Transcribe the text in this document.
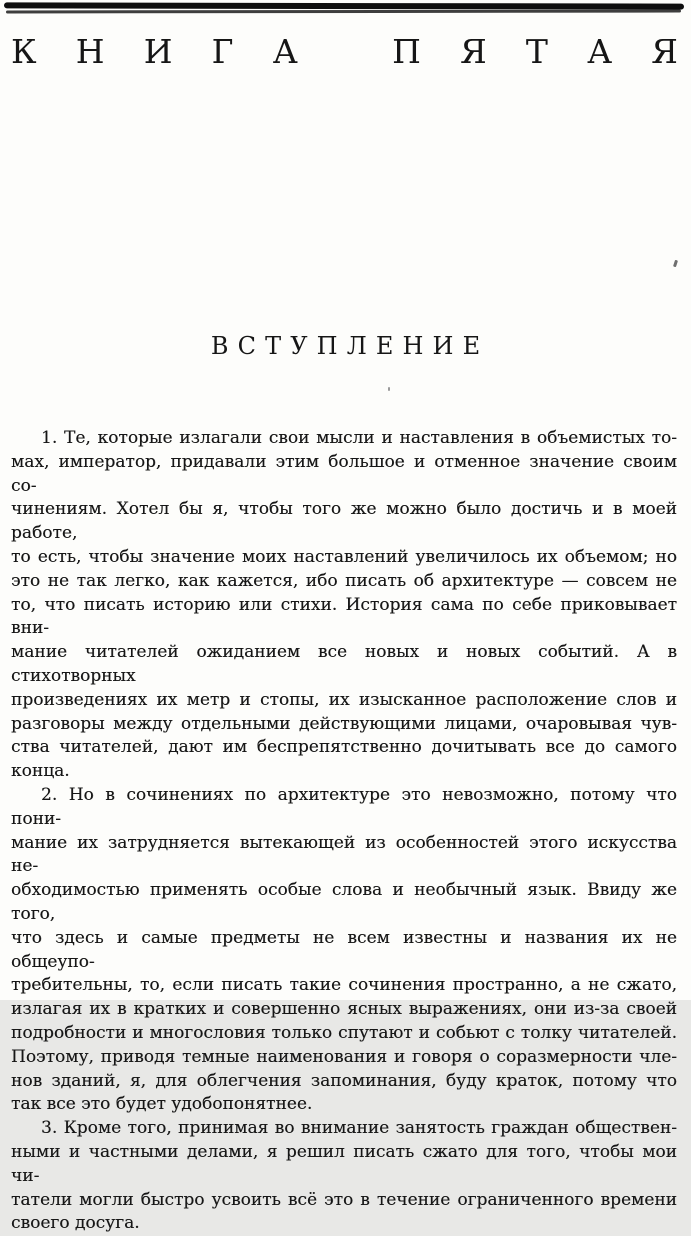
К Н И Г А
	П Я Т А Я
ВСТУПЛЕНИЕ
1. Те, которые излагали свои мысли и наставления в объемистых то-
мах, император, придавали этим большое и отменное значение своим со-
чинениям. Хотел бы я, чтобы того же можно было достичь и в моей работе,
то есть, чтобы значение моих наставлений увеличилось их объемом; но
это не так легко, как кажется, ибо писать об архитектуре — совсем не
то, что писать историю или стихи. История сама по себе приковывает вни-
мание читателей ожиданием все новых и новых событий. А в стихотворных
произведениях их метр и стопы, их изысканное расположение слов и
разговоры между отдельными действующими лицами, очаровывая чув-
ства читателей, дают им беспрепятственно дочитывать все до самого конца.
2. Но в сочинениях по архитектуре это невозможно, потому что пони-
мание их затрудняется вытекающей из особенностей этого искусства не-
обходимостью применять особые слова и необычный язык. Ввиду же того,
что здесь и самые предметы не всем известны и названия их не общеупо-
требительны, то, если писать такие сочинения пространно, а не сжато,
излагая их в кратких и совершенно ясных выражениях, они из-за своей
подробности и многословия только спутают и собьют с толку читателей.
Поэтому, приводя темные наименования и говоря о соразмерности чле-
нов зданий, я, для облегчения запоминания, буду краток, потому что
так все это будет удобопонятнее.
3. Кроме того, принимая во внимание занятость граждан обществен-
ными и частными делами, я решил писать сжато для того, чтобы мои чи-
татели могли быстро усвоить всё это в течение ограниченного времени
своего досуга.
